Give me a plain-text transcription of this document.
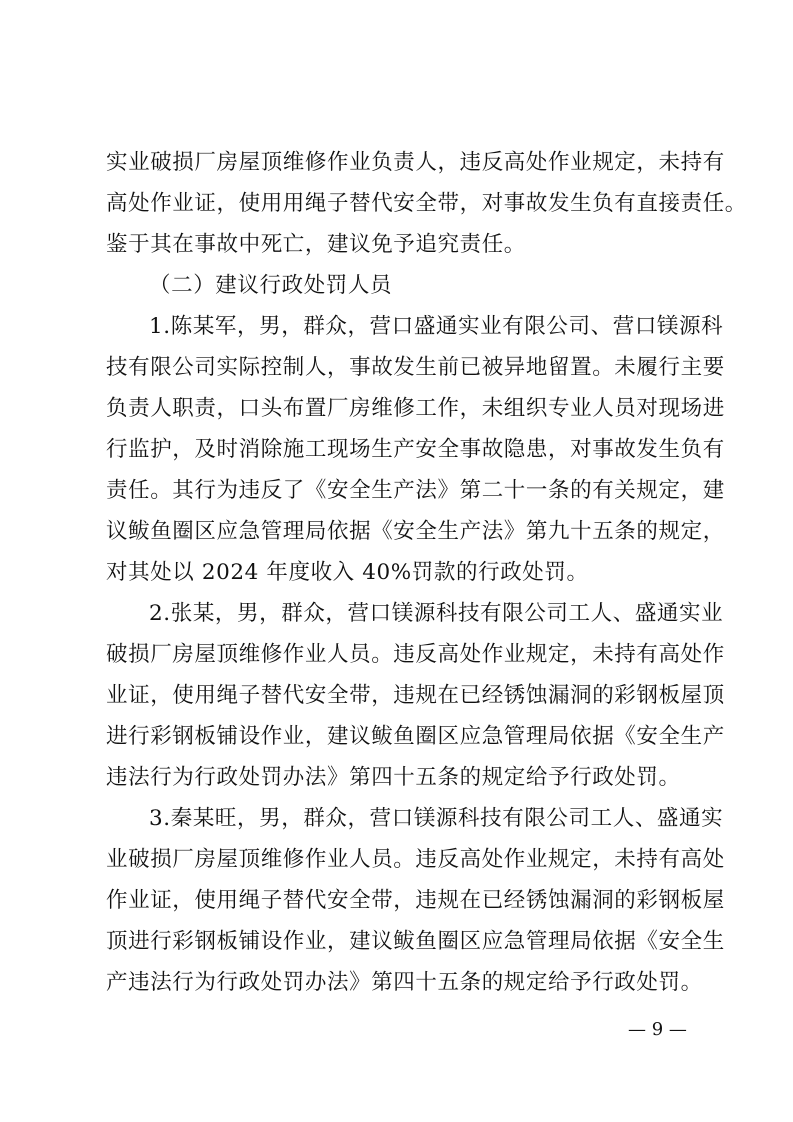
实业破损厂房屋顶维修作业负责人，违反高处作业规定，未持有
高处作业证，使用用绳子替代安全带，对事故发生负有直接责任。
鉴于其在事故中死亡，建议免予追究责任。
（二）建议行政处罚人员
1.陈某军，男，群众，营口盛通实业有限公司、营口镁源科
技有限公司实际控制人，事故发生前已被异地留置。未履行主要
负责人职责，口头布置厂房维修工作，未组织专业人员对现场进
行监护，及时消除施工现场生产安全事故隐患，对事故发生负有
责任。其行为违反了《安全生产法》第二十一条的有关规定，建
议鲅鱼圈区应急管理局依据《安全生产法》第九十五条的规定，
对其处以 2024 年度收入 40%罚款的行政处罚。
2.张某，男，群众，营口镁源科技有限公司工人、盛通实业
破损厂房屋顶维修作业人员。违反高处作业规定，未持有高处作
业证，使用绳子替代安全带，违规在已经锈蚀漏洞的彩钢板屋顶
进行彩钢板铺设作业，建议鲅鱼圈区应急管理局依据《安全生产
违法行为行政处罚办法》第四十五条的规定给予行政处罚。
3.秦某旺，男，群众，营口镁源科技有限公司工人、盛通实
业破损厂房屋顶维修作业人员。违反高处作业规定，未持有高处
作业证，使用绳子替代安全带，违规在已经锈蚀漏洞的彩钢板屋
顶进行彩钢板铺设作业，建议鲅鱼圈区应急管理局依据《安全生
产违法行为行政处罚办法》第四十五条的规定给予行政处罚。
— 9 —
